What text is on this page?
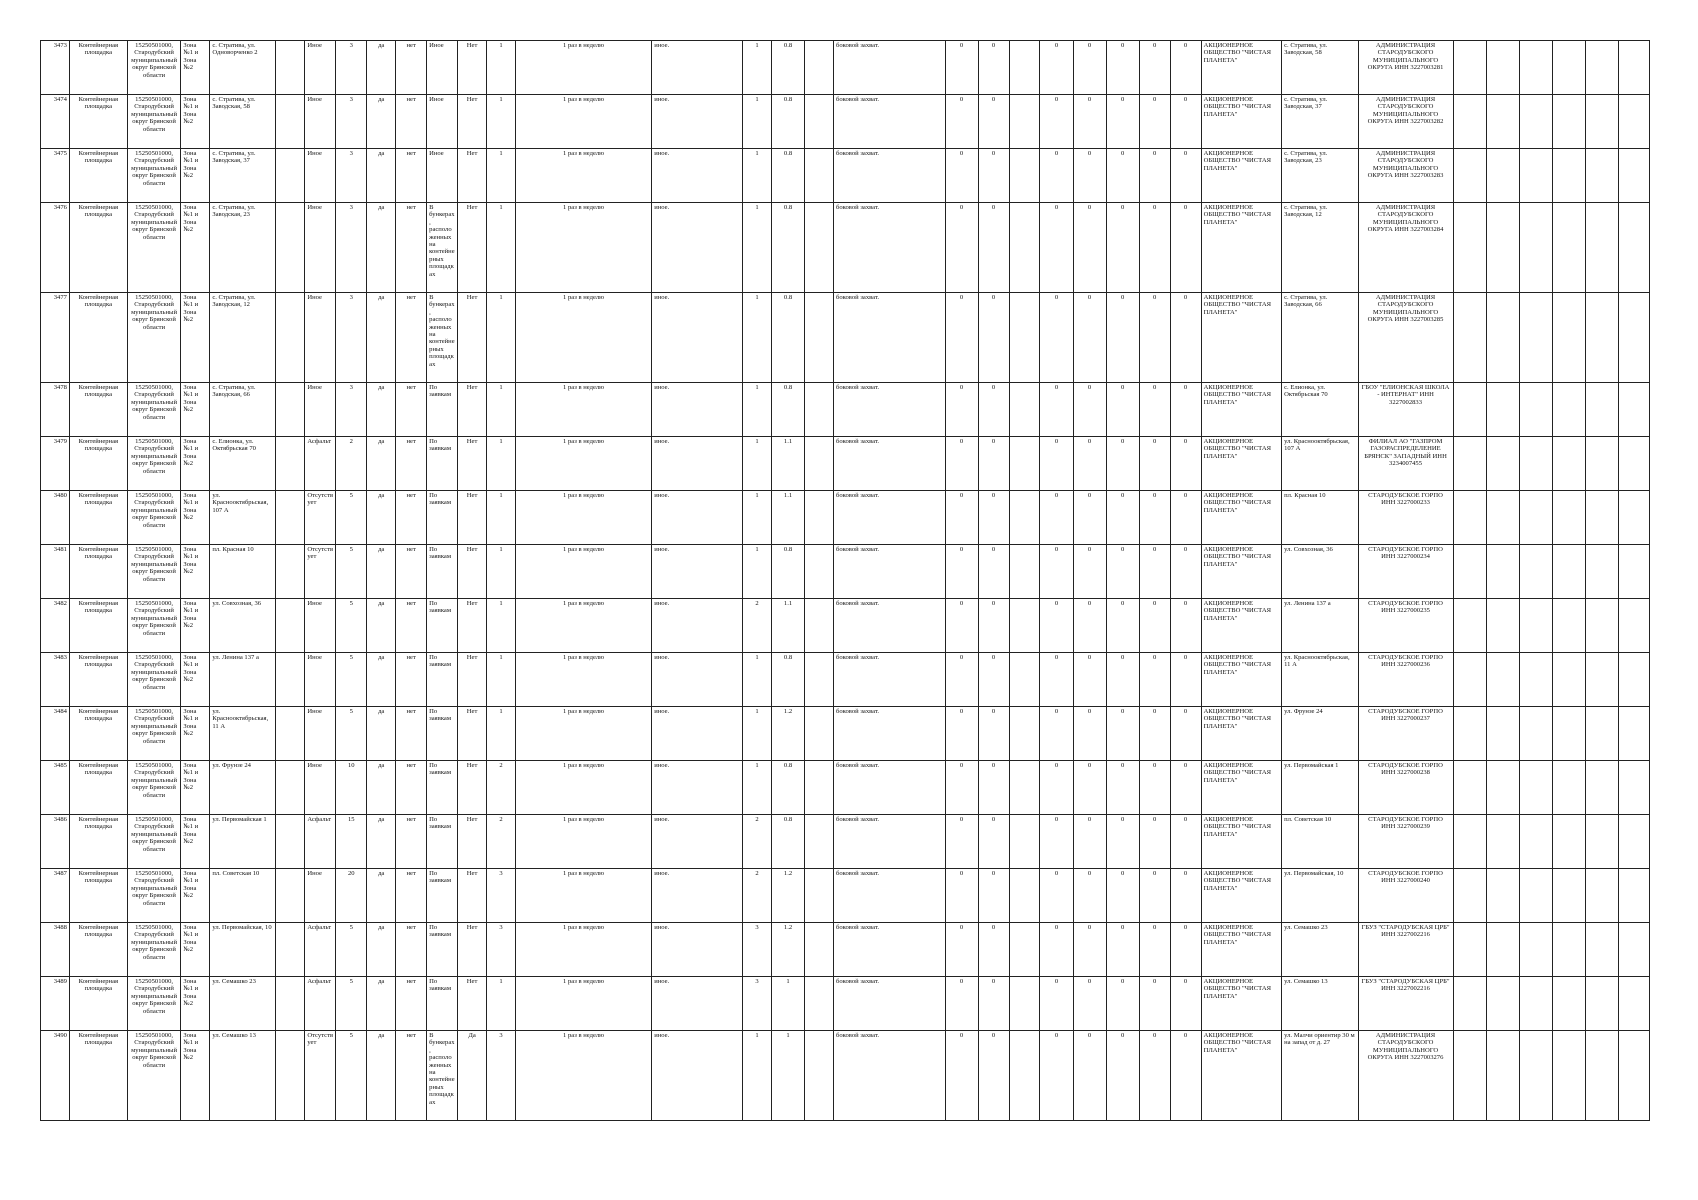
3473	Контейнерная площадка	15250501000, Стародубский муниципальный округ Брянской области	Зона №1 и Зона №2	с. Стратива, ул. Одноворченко 2		Иное	3	да	нет	Иное	Нет	1	1 раз в неделю	иное.	1	0.8		боковой захват.	0	0		0	0	0	0	0	АКЦИОНЕРНОЕ ОБЩЕСТВО "ЧИСТАЯ ПЛАНЕТА"	с. Стратива, ул. Заводская, 58	АДМИНИСТРАЦИЯ СТАРОДУБСКОГО МУНИЦИПАЛЬНОГО ОКРУГА ИНН 3227003281						
3474	Контейнерная площадка	15250501000, Стародубский муниципальный округ Брянской области	Зона №1 и Зона №2	с. Стратива, ул. Заводская, 58		Иное	3	да	нет	Иное	Нет	1	1 раз в неделю	иное.	1	0.8		боковой захват.	0	0		0	0	0	0	0	АКЦИОНЕРНОЕ ОБЩЕСТВО "ЧИСТАЯ ПЛАНЕТА"	с. Стратива, ул. Заводская, 37	АДМИНИСТРАЦИЯ СТАРОДУБСКОГО МУНИЦИПАЛЬНОГО ОКРУГА ИНН 3227003282						
3475	Контейнерная площадка	15250501000, Стародубский муниципальный округ Брянской области	Зона №1 и Зона №2	с. Стратива, ул. Заводская, 37		Иное	3	да	нет	Иное	Нет	1	1 раз в неделю	иное.	1	0.8		боковой захват.	0	0		0	0	0	0	0	АКЦИОНЕРНОЕ ОБЩЕСТВО "ЧИСТАЯ ПЛАНЕТА"	с. Стратива, ул. Заводская, 23	АДМИНИСТРАЦИЯ СТАРОДУБСКОГО МУНИЦИПАЛЬНОГО ОКРУГА ИНН 3227003283						
3476	Контейнерная площадка	15250501000, Стародубский муниципальный округ Брянской области	Зона №1 и Зона №2	с. Стратива, ул. Заводская, 23		Иное	3	да	нет	В бункерах, расположенных на контейнерных площадках	Нет	1	1 раз в неделю	иное.	1	0.8		боковой захват.	0	0		0	0	0	0	0	АКЦИОНЕРНОЕ ОБЩЕСТВО "ЧИСТАЯ ПЛАНЕТА"	с. Стратива, ул. Заводская, 12	АДМИНИСТРАЦИЯ СТАРОДУБСКОГО МУНИЦИПАЛЬНОГО ОКРУГА ИНН 3227003284						
3477	Контейнерная площадка	15250501000, Стародубский муниципальный округ Брянской области	Зона №1 и Зона №2	с. Стратива, ул. Заводская, 12		Иное	3	да	нет	В бункерах, расположенных на контейнерных площадках	Нет	1	1 раз в неделю	иное.	1	0.8		боковой захват.	0	0		0	0	0	0	0	АКЦИОНЕРНОЕ ОБЩЕСТВО "ЧИСТАЯ ПЛАНЕТА"	с. Стратива, ул. Заводская, 66	АДМИНИСТРАЦИЯ СТАРОДУБСКОГО МУНИЦИПАЛЬНОГО ОКРУГА ИНН 3227003285						
3478	Контейнерная площадка	15250501000, Стародубский муниципальный округ Брянской области	Зона №1 и Зона №2	с. Стратива, ул. Заводская, 66		Иное	3	да	нет	По заявкам	Нет	1	1 раз в неделю	иное.	1	0.8		боковой захват.	0	0		0	0	0	0	0	АКЦИОНЕРНОЕ ОБЩЕСТВО "ЧИСТАЯ ПЛАНЕТА"	с. Елионка, ул. Октябрьская 70	ГБОУ "ЕЛИОНСКАЯ ШКОЛА - ИНТЕРНАТ" ИНН 3227002833						
3479	Контейнерная площадка	15250501000, Стародубский муниципальный округ Брянской области	Зона №1 и Зона №2	с. Елионка, ул. Октябрьская 70		Асфальт	2	да	нет	По заявкам	Нет	1	1 раз в неделю	иное.	1	1.1		боковой захват.	0	0		0	0	0	0	0	АКЦИОНЕРНОЕ ОБЩЕСТВО "ЧИСТАЯ ПЛАНЕТА"	ул. Краснооктябрьская, 107 А	ФИЛИАЛ АО "ГАЗПРОМ ГАЗОРАСПРЕДЕЛЕНИЕ БРЯНСК" ЗАПАДНЫЙ ИНН 3234007455						
3480	Контейнерная площадка	15250501000, Стародубский муниципальный округ Брянской области	Зона №1 и Зона №2	ул. Краснооктябрьская, 107 А		Отсутствует	5	да	нет	По заявкам	Нет	1	1 раз в неделю	иное.	1	1.1		боковой захват.	0	0		0	0	0	0	0	АКЦИОНЕРНОЕ ОБЩЕСТВО "ЧИСТАЯ ПЛАНЕТА"	пл. Красная 10	СТАРОДУБСКОЕ ГОРПО ИНН 3227000233						
3481	Контейнерная площадка	15250501000, Стародубский муниципальный округ Брянской области	Зона №1 и Зона №2	пл. Красная 10		Отсутствует	5	да	нет	По заявкам	Нет	1	1 раз в неделю	иное.	1	0.8		боковой захват.	0	0		0	0	0	0	0	АКЦИОНЕРНОЕ ОБЩЕСТВО "ЧИСТАЯ ПЛАНЕТА"	ул. Совхозная, 36	СТАРОДУБСКОЕ ГОРПО ИНН 3227000234						
3482	Контейнерная площадка	15250501000, Стародубский муниципальный округ Брянской области	Зона №1 и Зона №2	ул. Совхозная, 36		Иное	5	да	нет	По заявкам	Нет	1	1 раз в неделю	иное.	2	1.1		боковой захват.	0	0		0	0	0	0	0	АКЦИОНЕРНОЕ ОБЩЕСТВО "ЧИСТАЯ ПЛАНЕТА"	ул. Ленина 137 а	СТАРОДУБСКОЕ ГОРПО ИНН 3227000235						
3483	Контейнерная площадка	15250501000, Стародубский муниципальный округ Брянской области	Зона №1 и Зона №2	ул. Ленина 137 а		Иное	5	да	нет	По заявкам	Нет	1	1 раз в неделю	иное.	1	0.8		боковой захват.	0	0		0	0	0	0	0	АКЦИОНЕРНОЕ ОБЩЕСТВО "ЧИСТАЯ ПЛАНЕТА"	ул. Краснооктябрьская, 11 А	СТАРОДУБСКОЕ ГОРПО ИНН 3227000236						
3484	Контейнерная площадка	15250501000, Стародубский муниципальный округ Брянской области	Зона №1 и Зона №2	ул. Краснооктябрьская, 11 А		Иное	5	да	нет	По заявкам	Нет	1	1 раз в неделю	иное.	1	1.2		боковой захват.	0	0		0	0	0	0	0	АКЦИОНЕРНОЕ ОБЩЕСТВО "ЧИСТАЯ ПЛАНЕТА"	ул. Фрунзе 24	СТАРОДУБСКОЕ ГОРПО ИНН 3227000237						
3485	Контейнерная площадка	15250501000, Стародубский муниципальный округ Брянской области	Зона №1 и Зона №2	ул. Фрунзе 24		Иное	10	да	нет	По заявкам	Нет	2	1 раз в неделю	иное.	1	0.8		боковой захват.	0	0		0	0	0	0	0	АКЦИОНЕРНОЕ ОБЩЕСТВО "ЧИСТАЯ ПЛАНЕТА"	ул. Первомайская 1	СТАРОДУБСКОЕ ГОРПО ИНН 3227000238						
3486	Контейнерная площадка	15250501000, Стародубский муниципальный округ Брянской области	Зона №1 и Зона №2	ул. Первомайская 1		Асфальт	15	да	нет	По заявкам	Нет	2	1 раз в неделю	иное.	2	0.8		боковой захват.	0	0		0	0	0	0	0	АКЦИОНЕРНОЕ ОБЩЕСТВО "ЧИСТАЯ ПЛАНЕТА"	пл. Советская 10	СТАРОДУБСКОЕ ГОРПО ИНН 3227000239						
3487	Контейнерная площадка	15250501000, Стародубский муниципальный округ Брянской области	Зона №1 и Зона №2	пл. Советская 10		Иное	20	да	нет	По заявкам	Нет	3	1 раз в неделю	иное.	2	1.2		боковой захват.	0	0		0	0	0	0	0	АКЦИОНЕРНОЕ ОБЩЕСТВО "ЧИСТАЯ ПЛАНЕТА"	ул. Первомайская, 10	СТАРОДУБСКОЕ ГОРПО ИНН 3227000240						
3488	Контейнерная площадка	15250501000, Стародубский муниципальный округ Брянской области	Зона №1 и Зона №2	ул. Первомайская, 10		Асфальт	5	да	нет	По заявкам	Нет	3	1 раз в неделю	иное.	3	1.2		боковой захват.	0	0		0	0	0	0	0	АКЦИОНЕРНОЕ ОБЩЕСТВО "ЧИСТАЯ ПЛАНЕТА"	ул. Семашко 23	ГБУЗ "СТАРОДУБСКАЯ ЦРБ" ИНН 3227002216						
3489	Контейнерная площадка	15250501000, Стародубский муниципальный округ Брянской области	Зона №1 и Зона №2	ул. Семашко 23		Асфальт	5	да	нет	По заявкам	Нет	1	1 раз в неделю	иное.	3	1		боковой захват.	0	0		0	0	0	0	0	АКЦИОНЕРНОЕ ОБЩЕСТВО "ЧИСТАЯ ПЛАНЕТА"	ул. Семашко 13	ГБУЗ "СТАРОДУБСКАЯ ЦРБ" ИНН 3227002216						
3490	Контейнерная площадка	15250501000, Стародубский муниципальный округ Брянской области	Зона №1 и Зона №2	ул. Семашко 13		Отсутствует	5	да	нет	В бункерах, расположенных на контейнерных площадках	Да	3	1 раз в неделю	иное.	1	1		боковой захват.	0	0		0	0	0	0	0	АКЦИОНЕРНОЕ ОБЩЕСТВО "ЧИСТАЯ ПЛАНЕТА"	ул. Малчи ориентир 30 м на запад от д. 27	АДМИНИСТРАЦИЯ СТАРОДУБСКОГО МУНИЦИПАЛЬНОГО ОКРУГА ИНН 3227003276						
